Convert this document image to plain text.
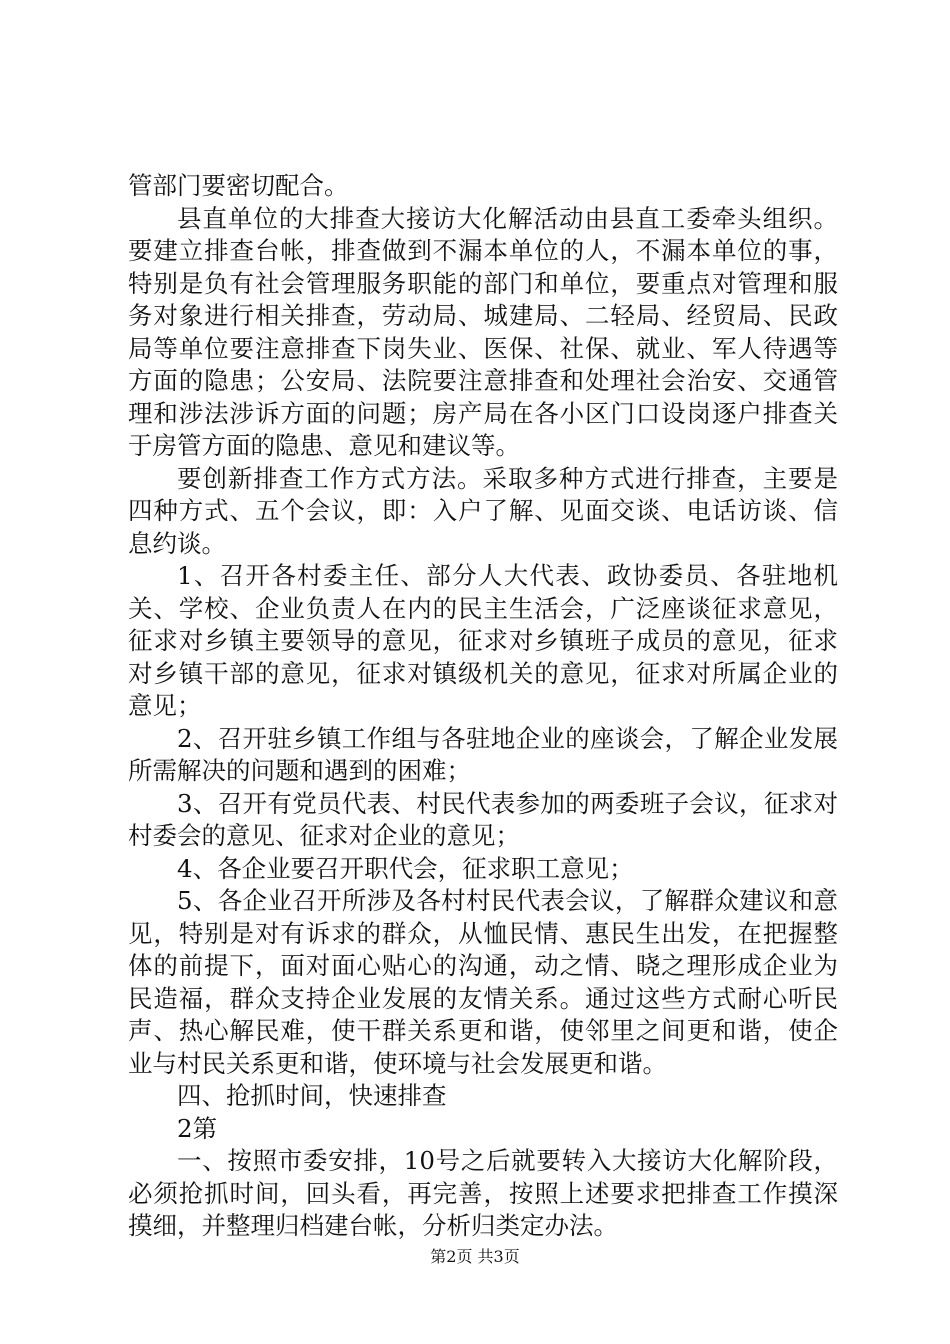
管部门要密切配合。

县直单位的大排查大接访大化解活动由县直工委牵头组织。要建立排查台帐，排查做到不漏本单位的人，不漏本单位的事，特别是负有社会管理服务职能的部门和单位，要重点对管理和服务对象进行相关排查，劳动局、城建局、二轻局、经贸局、民政局等单位要注意排查下岗失业、医保、社保、就业、军人待遇等方面的隐患；公安局、法院要注意排查和处理社会治安、交通管理和涉法涉诉方面的问题；房产局在各小区门口设岗逐户排查关于房管方面的隐患、意见和建议等。

要创新排查工作方式方法。采取多种方式进行排查，主要是四种方式、五个会议，即：入户了解、见面交谈、电话访谈、信息约谈。

1、召开各村委主任、部分人大代表、政协委员、各驻地机关、学校、企业负责人在内的民主生活会，广泛座谈征求意见，征求对乡镇主要领导的意见，征求对乡镇班子成员的意见，征求对乡镇干部的意见，征求对镇级机关的意见，征求对所属企业的意见；

2、召开驻乡镇工作组与各驻地企业的座谈会，了解企业发展所需解决的问题和遇到的困难；

3、召开有党员代表、村民代表参加的两委班子会议，征求对村委会的意见、征求对企业的意见；

4、各企业要召开职代会，征求职工意见；

5、各企业召开所涉及各村村民代表会议，了解群众建议和意见，特别是对有诉求的群众，从恤民情、惠民生出发，在把握整体的前提下，面对面心贴心的沟通，动之情、晓之理形成企业为民造福，群众支持企业发展的友情关系。通过这些方式耐心听民声、热心解民难，使干群关系更和谐，使邻里之间更和谐，使企业与村民关系更和谐，使环境与社会发展更和谐。

四、抢抓时间，快速排查

2第

一、按照市委安排，10号之后就要转入大接访大化解阶段，必须抢抓时间，回头看，再完善，按照上述要求把排查工作摸深摸细，并整理归档建台帐，分析归类定办法。

第2页 共3页
